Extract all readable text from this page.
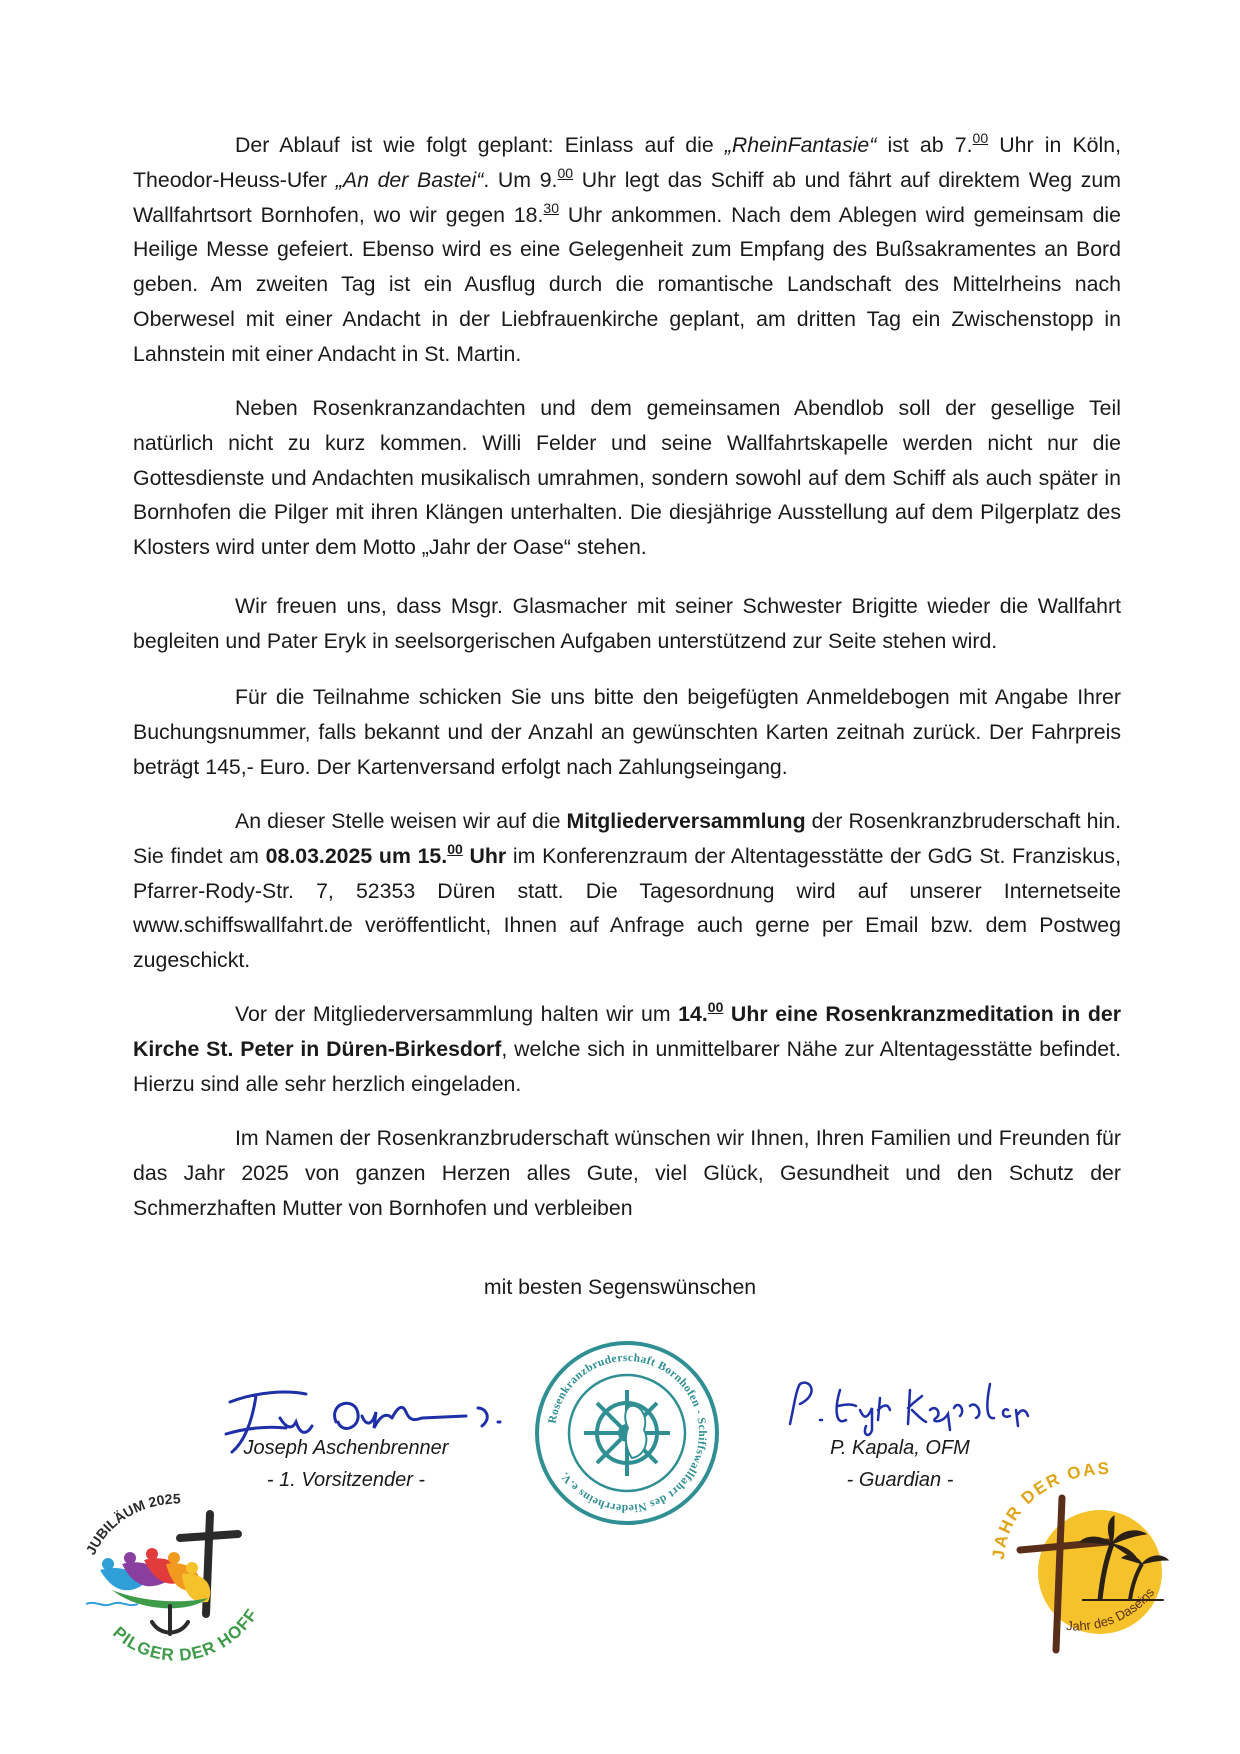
Der Ablauf ist wie folgt geplant: Einlass auf die „RheinFantasie“ ist ab 7.00 Uhr in Köln, Theodor-Heuss-Ufer „An der Bastei“. Um 9.00 Uhr legt das Schiff ab und fährt auf direktem Weg zum Wallfahrtsort Bornhofen, wo wir gegen 18.30 Uhr ankommen. Nach dem Ablegen wird gemeinsam die Heilige Messe gefeiert. Ebenso wird es eine Gelegenheit zum Empfang des Bußsakramentes an Bord geben. Am zweiten Tag ist ein Ausflug durch die romantische Landschaft des Mittelrheins nach Oberwesel mit einer Andacht in der Liebfrauenkirche geplant, am dritten Tag ein Zwischenstopp in Lahnstein mit einer Andacht in St. Martin.

Neben Rosenkranzandachten und dem gemeinsamen Abendlob soll der gesellige Teil natürlich nicht zu kurz kommen. Willi Felder und seine Wallfahrtskapelle werden nicht nur die Gottesdienste und Andachten musikalisch umrahmen, sondern sowohl auf dem Schiff als auch später in Bornhofen die Pilger mit ihren Klängen unterhalten. Die diesjährige Ausstellung auf dem Pilgerplatz des Klosters wird unter dem Motto „Jahr der Oase“ stehen.

Wir freuen uns, dass Msgr. Glasmacher mit seiner Schwester Brigitte wieder die Wallfahrt begleiten und Pater Eryk in seelsorgerischen Aufgaben unterstützend zur Seite stehen wird.

Für die Teilnahme schicken Sie uns bitte den beigefügten Anmeldebogen mit Angabe Ihrer Buchungsnummer, falls bekannt und der Anzahl an gewünschten Karten zeitnah zurück. Der Fahrpreis beträgt 145,- Euro. Der Kartenversand erfolgt nach Zahlungseingang.

An dieser Stelle weisen wir auf die Mitgliederversammlung der Rosenkranzbruderschaft hin. Sie findet am 08.03.2025 um 15.00 Uhr im Konferenzraum der Altentagesstätte der GdG St. Franziskus, Pfarrer-Rody-Str. 7, 52353 Düren statt. Die Tagesordnung wird auf unserer Internetseite www.schiffswallfahrt.de veröffentlicht, Ihnen auf Anfrage auch gerne per Email bzw. dem Postweg zugeschickt.

Vor der Mitgliederversammlung halten wir um 14.00 Uhr eine Rosenkranzmeditation in der Kirche St. Peter in Düren-Birkesdorf, welche sich in unmittelbarer Nähe zur Altentagesstätte befindet. Hierzu sind alle sehr herzlich eingeladen.

Im Namen der Rosenkranzbruderschaft wünschen wir Ihnen, Ihren Familien und Freunden für das Jahr 2025 von ganzen Herzen alles Gute, viel Glück, Gesundheit und den Schutz der Schmerzhaften Mutter von Bornhofen und verbleiben

mit besten Segenswünschen
Joseph Aschenbrenner
- 1. Vorsitzender -
P. Kapala, OFM
- Guardian -
Rosenkranzbruderschaft Bornhofen - Schiffswallfahrt des Niederrheins e.V.
JUBILÄUM 2025
PILGER DER HOFFNUNG
JAHR DER OASE
Jahr des Daseins
